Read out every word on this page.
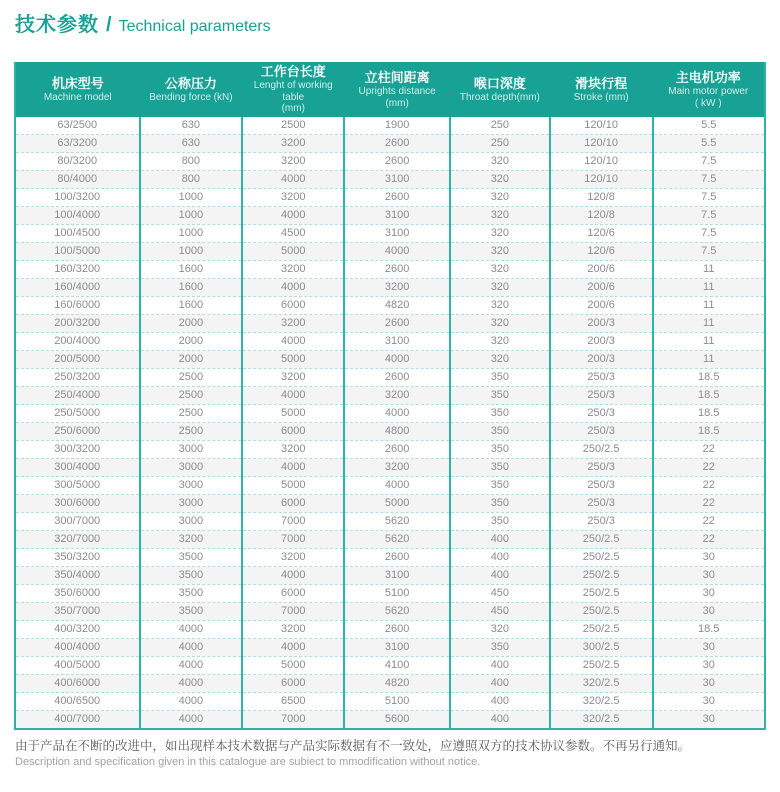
技术参数 / Technical parameters
机床型号
Machine model

公称压力
Bending force (kN)

工作台长度
Lenght of working table
(mm)

立柱间距离
Uprights distance
(mm)

喉口深度
Throat depth(mm)

滑块行程
Stroke (mm)

主电机功率
Main motor power
( kW )

63/2500	630	2500	1900	250	120/10	5.5
63/3200	630	3200	2600	250	120/10	5.5
80/3200	800	3200	2600	320	120/10	7.5
80/4000	800	4000	3100	320	120/10	7.5
100/3200	1000	3200	2600	320	120/8	7.5
100/4000	1000	4000	3100	320	120/8	7.5
100/4500	1000	4500	3100	320	120/6	7.5
100/5000	1000	5000	4000	320	120/6	7.5
160/3200	1600	3200	2600	320	200/6	11
160/4000	1600	4000	3200	320	200/6	11
160/6000	1600	6000	4820	320	200/6	11
200/3200	2000	3200	2600	320	200/3	11
200/4000	2000	4000	3100	320	200/3	11
200/5000	2000	5000	4000	320	200/3	11
250/3200	2500	3200	2600	350	250/3	18.5
250/4000	2500	4000	3200	350	250/3	18.5
250/5000	2500	5000	4000	350	250/3	18.5
250/6000	2500	6000	4800	350	250/3	18.5
300/3200	3000	3200	2600	350	250/2.5	22
300/4000	3000	4000	3200	350	250/3	22
300/5000	3000	5000	4000	350	250/3	22
300/6000	3000	6000	5000	350	250/3	22
300/7000	3000	7000	5620	350	250/3	22
320/7000	3200	7000	5620	400	250/2.5	22
350/3200	3500	3200	2600	400	250/2.5	30
350/4000	3500	4000	3100	400	250/2.5	30
350/6000	3500	6000	5100	450	250/2.5	30
350/7000	3500	7000	5620	450	250/2.5	30
400/3200	4000	3200	2600	320	250/2.5	18.5
400/4000	4000	4000	3100	350	300/2.5	30
400/5000	4000	5000	4100	400	250/2.5	30
400/6000	4000	6000	4820	400	320/2.5	30
400/6500	4000	6500	5100	400	320/2.5	30
400/7000	4000	7000	5600	400	320/2.5	30
由于产品在不断的改进中，如出现样本技术数据与产品实际数据有不一致处，应遵照双方的技术协议参数。不再另行通知。
Description and specification given in this catalogue are subiect to mmodification without notice.
